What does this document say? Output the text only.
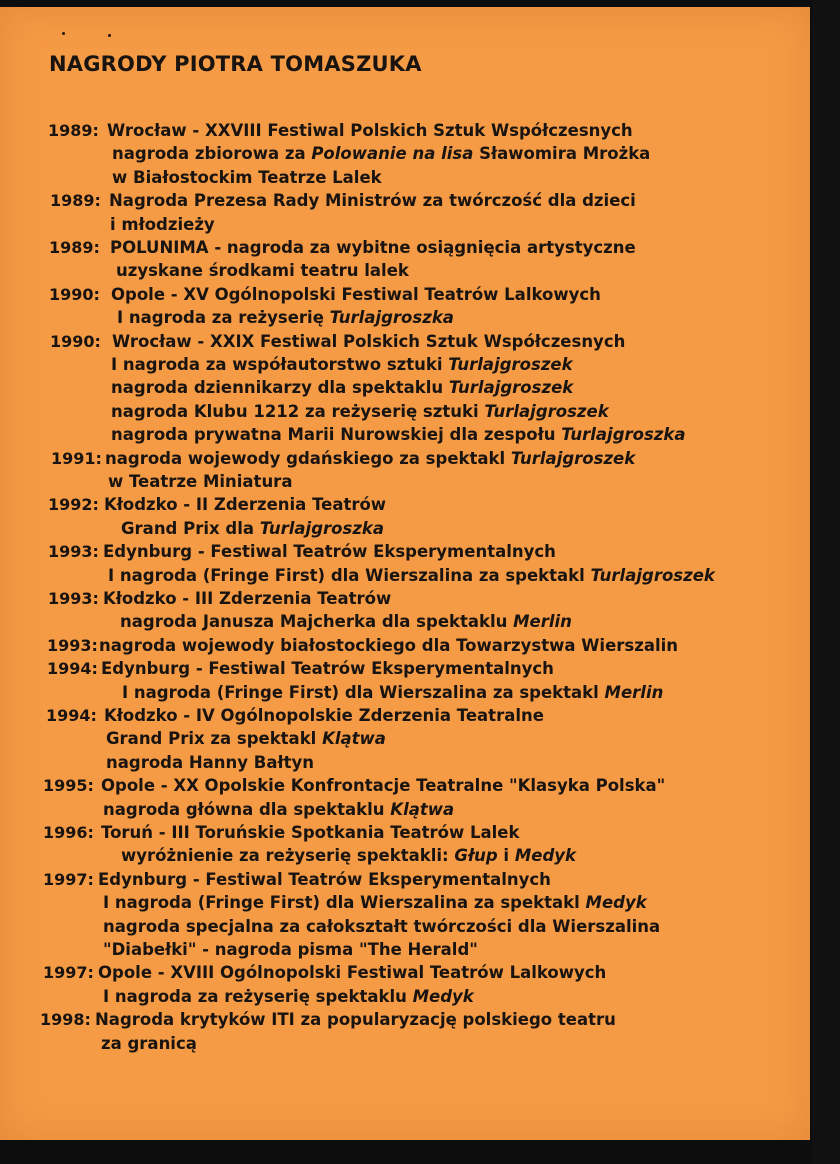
NAGRODY PIOTRA TOMASZUKA
1989: Wrocław - XXVIII Festiwal Polskich Sztuk Współczesnych
nagroda zbiorowa za Polowanie na lisa Sławomira Mrożka
w Białostockim Teatrze Lalek
1989: Nagroda Prezesa Rady Ministrów za twórczość dla dzieci
i młodzieży
1989: POLUNIMA - nagroda za wybitne osiągnięcia artystyczne
uzyskane środkami teatru lalek
1990: Opole - XV Ogólnopolski Festiwal Teatrów Lalkowych
I nagroda za reżyserię Turlajgroszka
1990: Wrocław - XXIX Festiwal Polskich Sztuk Współczesnych
I nagroda za współautorstwo sztuki Turlajgroszek
nagroda dziennikarzy dla spektaklu Turlajgroszek
nagroda Klubu 1212 za reżyserię sztuki Turlajgroszek
nagroda prywatna Marii Nurowskiej dla zespołu Turlajgroszka
1991: nagroda wojewody gdańskiego za spektakl Turlajgroszek
w Teatrze Miniatura
1992: Kłodzko - II Zderzenia Teatrów
Grand Prix dla Turlajgroszka
1993: Edynburg - Festiwal Teatrów Eksperymentalnych
I nagroda (Fringe First) dla Wierszalina za spektakl Turlajgroszek
1993: Kłodzko - III Zderzenia Teatrów
nagroda Janusza Majcherka dla spektaklu Merlin
1993: nagroda wojewody białostockiego dla Towarzystwa Wierszalin
1994: Edynburg - Festiwal Teatrów Eksperymentalnych
I nagroda (Fringe First) dla Wierszalina za spektakl Merlin
1994: Kłodzko - IV Ogólnopolskie Zderzenia Teatralne
Grand Prix za spektakl Klątwa
nagroda Hanny Bałtyn
1995: Opole - XX Opolskie Konfrontacje Teatralne "Klasyka Polska"
nagroda główna dla spektaklu Klątwa
1996: Toruń - III Toruńskie Spotkania Teatrów Lalek
wyróżnienie za reżyserię spektakli: Głup i Medyk
1997: Edynburg - Festiwal Teatrów Eksperymentalnych
I nagroda (Fringe First) dla Wierszalina za spektakl Medyk
nagroda specjalna za całokształt twórczości dla Wierszalina
"Diabełki" - nagroda pisma "The Herald"
1997: Opole - XVIII Ogólnopolski Festiwal Teatrów Lalkowych
I nagroda za reżyserię spektaklu Medyk
1998: Nagroda krytyków ITI za popularyzację polskiego teatru
za granicą
